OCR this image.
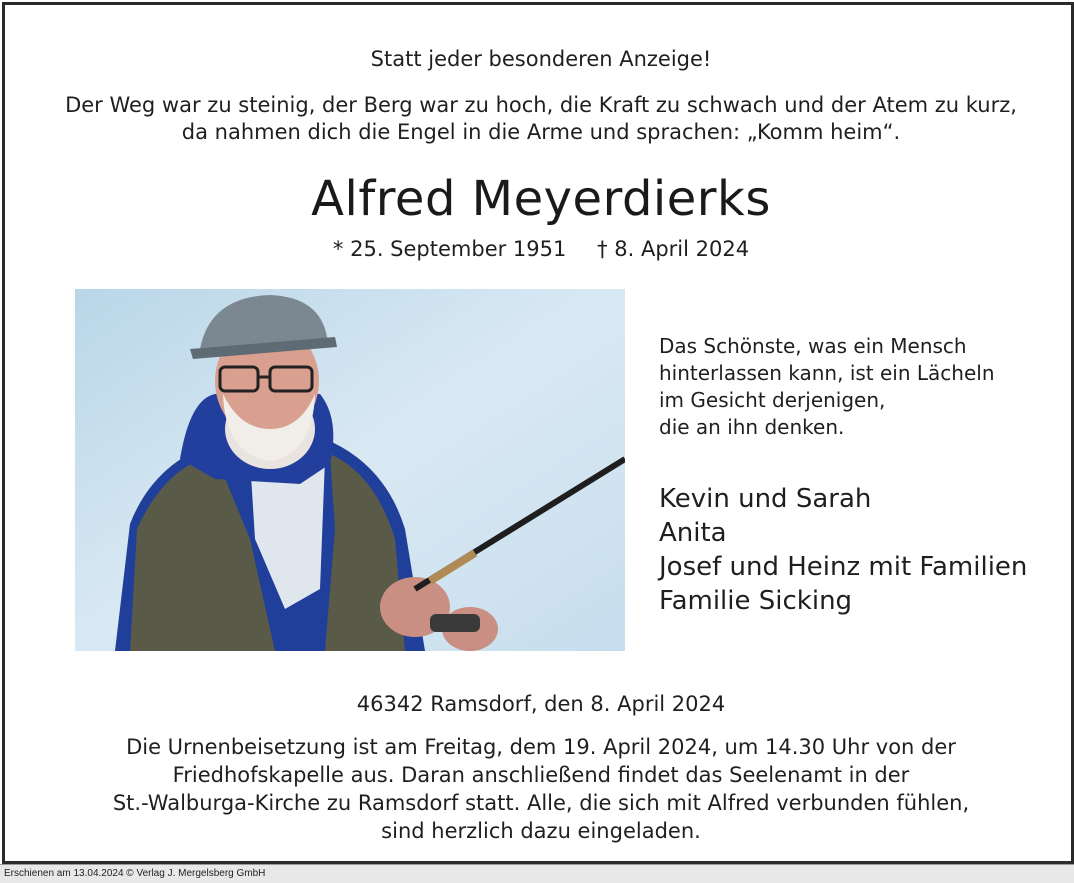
Statt jeder besonderen Anzeige!
Der Weg war zu steinig, der Berg war zu hoch, die Kraft zu schwach und der Atem zu kurz,
da nahmen dich die Engel in die Arme und sprachen: „Komm heim“.
Alfred Meyerdierks
* 25. September 1951 † 8. April 2024
Das Schönste, was ein Mensch
hinterlassen kann, ist ein Lächeln
im Gesicht derjenigen,
die an ihn denken.
Kevin und Sarah
Anita
Josef und Heinz mit Familien
Familie Sicking
46342 Ramsdorf, den 8. April 2024
Die Urnenbeisetzung ist am Freitag, dem 19. April 2024, um 14.30 Uhr von der
Friedhofskapelle aus. Daran anschließend findet das Seelenamt in der
St.-Walburga-Kirche zu Ramsdorf statt. Alle, die sich mit Alfred verbunden fühlen,
sind herzlich dazu eingeladen.
Erschienen am 13.04.2024 © Verlag J. Mergelsberg GmbH
